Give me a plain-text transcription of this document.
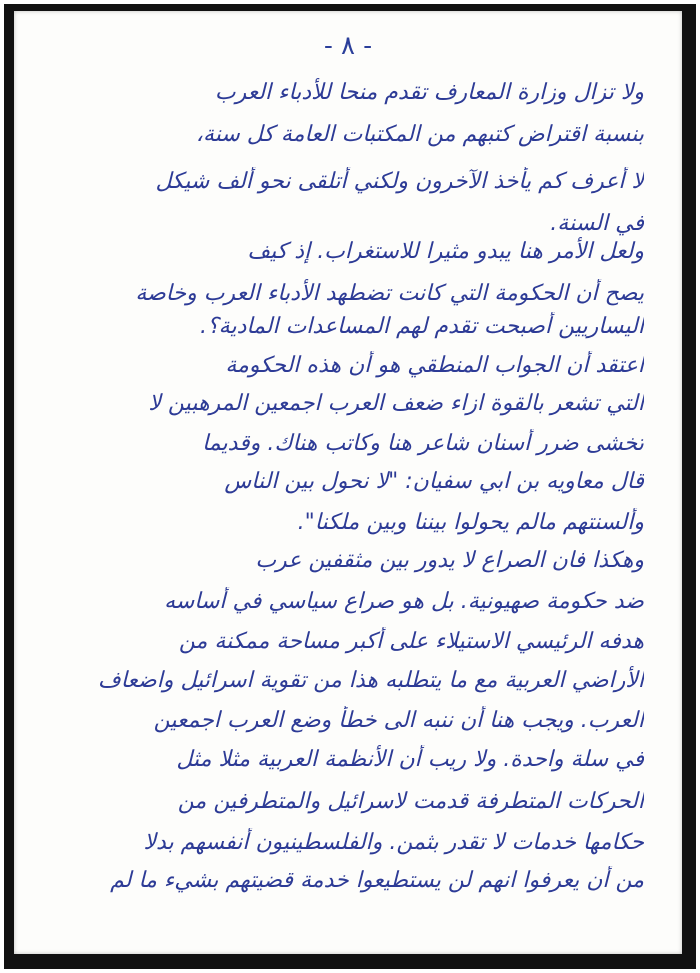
- ٨ -
ولا تزال وزارة المعارف تقدم منحا للأدباء العرب
بنسبة اقتراض كتبهم من المكتبات العامة كل سنة،
لا أعرف كم يأخذ الآخرون ولكني أتلقى نحو ألف شيكل
في السنة.
ولعل الأمر هنا يبدو مثيرا للاستغراب. إذ كيف
يصح أن الحكومة التي كانت تضطهد الأدباء العرب وخاصة
اليساريين أصبحت تقدم لهم المساعدات المادية؟.
اعتقد أن الجواب المنطقي هو أن هذه الحكومة
التي تشعر بالقوة ازاء ضعف العرب اجمعين المرهبين لا
تخشى ضرر أسنان شاعر هنا وكاتب هناك. وقديما
قال معاويه بن ابي سفيان: "لا نحول بين الناس
وألسنتهم مالم يحولوا بيننا وبين ملكنا".
وهكذا فان الصراع لا يدور بين مثقفين عرب
ضد حكومة صهيونية. بل هو صراع سياسي في أساسه
هدفه الرئيسي الاستيلاء على أكبر مساحة ممكنة من
الأراضي العربية مع ما يتطلبه هذا من تقوية اسرائيل واضعاف
العرب. ويجب هنا أن ننبه الى خطأ وضع العرب اجمعين
في سلة واحدة. ولا ريب أن الأنظمة العربية مثلا مثل
الحركات المتطرفة قدمت لاسرائيل والمتطرفين من
حكامها خدمات لا تقدر بثمن. والفلسطينيون أنفسهم بدلا
من أن يعرفوا انهم لن يستطيعوا خدمة قضيتهم بشيء ما لم
